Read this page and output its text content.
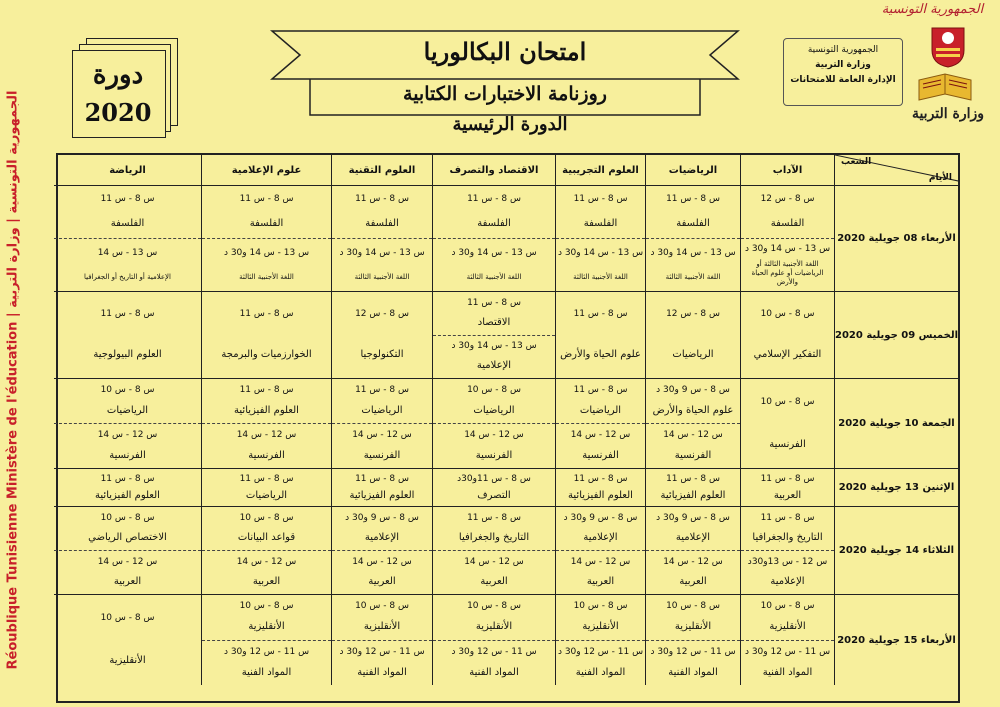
Réoublique Tunisienne Ministère de l'éducation | الجمهورية التونسية | وزارة التربية
دورة
2020
امتحان البكالوريا
روزنامة الاختبارات الكتابية
الدورة الرئيسية
الجمهورية التونسية
وزارة التربية
الإدارة العامة للامتحانات
الجمهورية التونسية
وزارة التربية
الشعب
الأيام
الآداب
الرياضيات
العلوم التجريبية
الاقتصاد والتصرف
العلوم التقنية
علوم الإعلامية
الرياضة
الأربعاء 08 جويلية 2020
س 8 - س 12
الفلسفة
س 13 - س 14 و30 د
اللغة الأجنبية الثالثة أو الرياضيات أو علوم الحياة والأرض
س 8 - س 11
الفلسفة
س 13 - س 14 و30 د
اللغة الأجنبية الثالثة
س 8 - س 11
الفلسفة
س 13 - س 14 و30 د
اللغة الأجنبية الثالثة
س 8 - س 11
الفلسفة
س 13 - س 14 و30 د
اللغة الأجنبية الثالثة
س 8 - س 11
الفلسفة
س 13 - س 14 و30 د
اللغة الأجنبية الثالثة
س 8 - س 11
الفلسفة
س 13 - س 14 و30 د
اللغة الأجنبية الثالثة
س 8 - س 11
الفلسفة
س 13 - س 14
الإعلامية أو التاريخ أو الجغرافيا
الخميس 09 جويلية 2020
س 8 - س 10
التفكير الإسلامي
س 8 - س 12
الرياضيات
س 8 - س 11
علوم الحياة والأرض
س 8 - س 11
الاقتصاد
س 13 - س 14 و30 د
الإعلامية
س 8 - س 12
التكنولوجيا
س 8 - س 11
الخوارزميات والبرمجة
س 8 - س 11
العلوم البيولوجية
الجمعة 10 جويلية 2020
س 8 - س 10
الفرنسية
س 8 - س 9 و30 د
علوم الحياة والأرض
س 12 - س 14
الفرنسية
س 8 - س 11
الرياضيات
س 12 - س 14
الفرنسية
س 8 - س 10
الرياضيات
س 12 - س 14
الفرنسية
س 8 - س 11
الرياضيات
س 12 - س 14
الفرنسية
س 8 - س 11
العلوم الفيزيائية
س 12 - س 14
الفرنسية
س 8 - س 10
الرياضيات
س 12 - س 14
الفرنسية
الإثنين 13 جويلية 2020
س 8 - س 11
العربية
س 8 - س 11
العلوم الفيزيائية
س 8 - س 11
العلوم الفيزيائية
س 8 - س 11و30د
التصرف
س 8 - س 11
العلوم الفيزيائية
س 8 - س 11
الرياضيات
س 8 - س 11
العلوم الفيزيائية
الثلاثاء 14 جويلية 2020
س 8 - س 11
التاريخ والجغرافيا
س 12 - س 13و30د
الإعلامية
س 8 - س 9 و30 د
الإعلامية
س 12 - س 14
العربية
س 8 - س 9 و30 د
الإعلامية
س 12 - س 14
العربية
س 8 - س 11
التاريخ والجغرافيا
س 12 - س 14
العربية
س 8 - س 9 و30 د
الإعلامية
س 12 - س 14
العربية
س 8 - س 10
قواعد البيانات
س 12 - س 14
العربية
س 8 - س 10
الاختصاص الرياضي
س 12 - س 14
العربية
الأربعاء 15 جويلية 2020
س 8 - س 10
الأنقليزية
س 11 - س 12 و30 د
المواد الفنية
س 8 - س 10
الأنقليزية
س 11 - س 12 و30 د
المواد الفنية
س 8 - س 10
الأنقليزية
س 11 - س 12 و30 د
المواد الفنية
س 8 - س 10
الأنقليزية
س 11 - س 12 و30 د
المواد الفنية
س 8 - س 10
الأنقليزية
س 11 - س 12 و30 د
المواد الفنية
س 8 - س 10
الأنقليزية
س 11 - س 12 و30 د
المواد الفنية
س 8 - س 10
الأنقليزية
